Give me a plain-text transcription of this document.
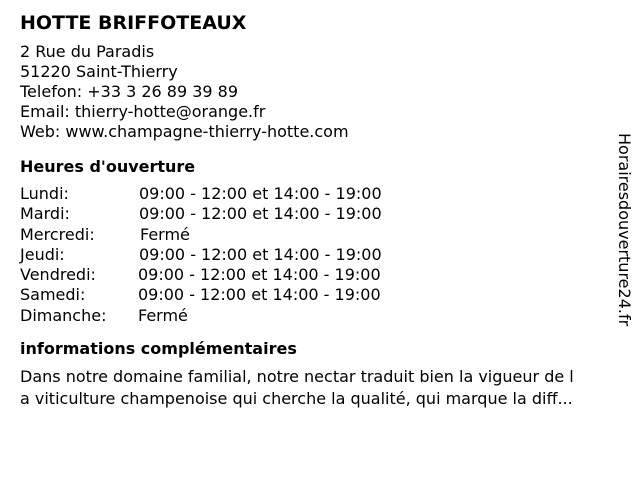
HOTTE BRIFFOTEAUX
2 Rue du Paradis
51220 Saint-Thierry
Telefon: +33 3 26 89 39 89
Email: thierry-hotte@orange.fr
Web: www.champagne-thierry-hotte.com
Heures d'ouverture
Lundi:	09:00 - 12:00 et 14:00 - 19:00
Mardi:	09:00 - 12:00 et 14:00 - 19:00
Mercredi:	Fermé
Jeudi:	09:00 - 12:00 et 14:00 - 19:00
Vendredi:	09:00 - 12:00 et 14:00 - 19:00
Samedi:	09:00 - 12:00 et 14:00 - 19:00
Dimanche: Fermé
informations complémentaires
Dans notre domaine familial, notre nectar traduit bien la vigueur de l
a viticulture champenoise qui cherche la qualité, qui marque la diff...
Horairesdouverture24.fr
